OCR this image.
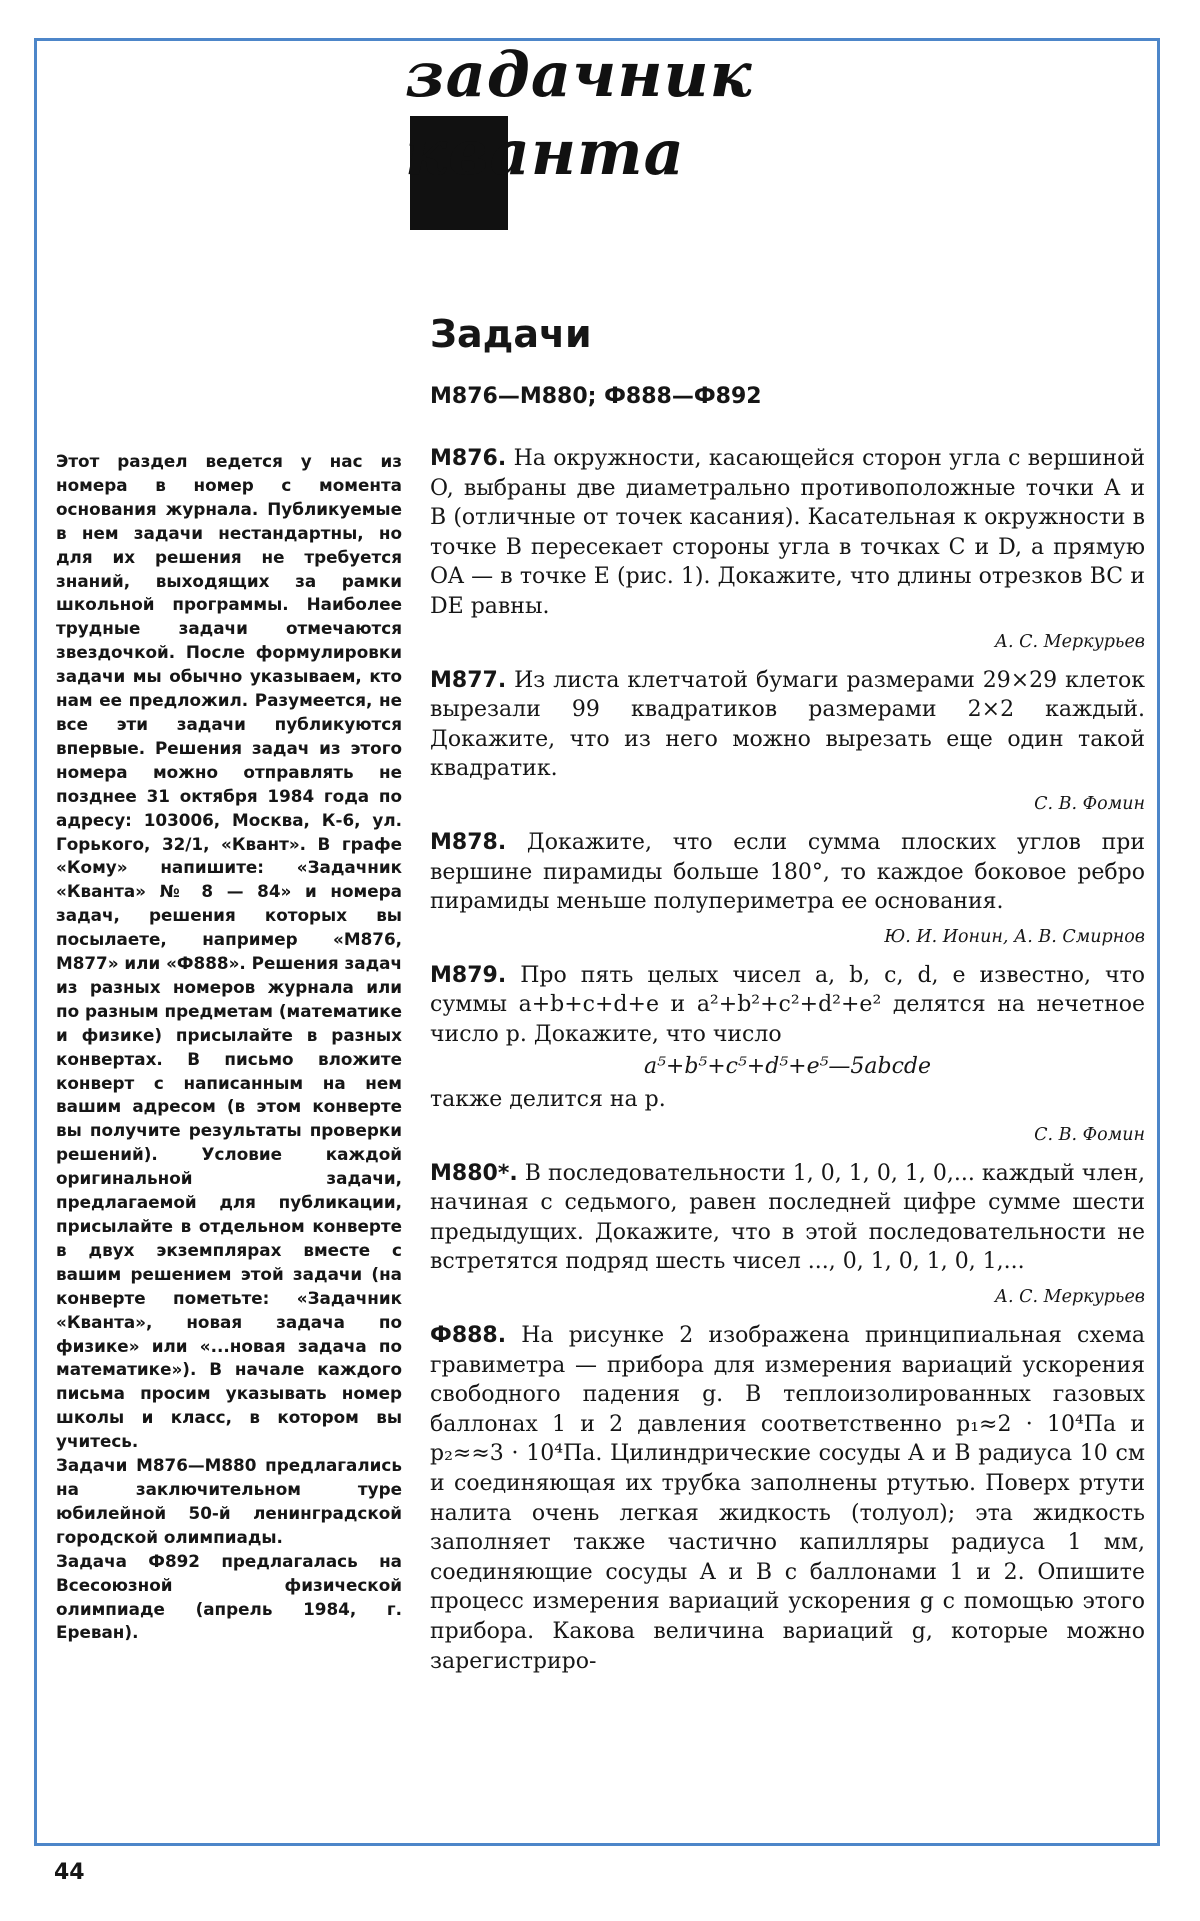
задачник
кванта
Задачи
М876—М880; Ф888—Ф892

Этот раздел ведется у нас из номера в номер с момента основания журнала. Публикуемые в нем задачи нестандартны, но для их решения не требуется знаний, выходящих за рамки школьной программы. Наиболее трудные задачи отмечаются звездочкой. После формулировки задачи мы обычно указываем, кто нам ее предложил. Разумеется, не все эти задачи публикуются впервые. Решения задач из этого номера можно отправлять не позднее 31 октября 1984 года по адресу: 103006, Москва, К-6, ул. Горького, 32/1, «Квант». В графе «Кому» напишите: «Задачник «Кванта» № 8 — 84» и номера задач, решения которых вы посылаете, например «М876, М877» или «Ф888». Решения задач из разных номеров журнала или по разным предметам (математике и физике) присылайте в разных конвертах. В письмо вложите конверт с написанным на нем вашим адресом (в этом конверте вы получите результаты проверки решений). Условие каждой оригинальной задачи, предлагаемой для публикации, присылайте в отдельном конверте в двух экземплярах вместе с вашим решением этой задачи (на конверте пометьте: «Задачник «Кванта», новая задача по физике» или «...новая задача по математике»). В начале каждого письма просим указывать номер школы и класс, в котором вы учитесь.

Задачи М876—М880 предлагались на заключительном туре юбилейной 50-й ленинградской городской олимпиады.

Задача Ф892 предлагалась на Всесоюзной физической олимпиаде (апрель 1984, г. Ереван).

М876. На окружности, касающейся сторон угла с вершиной O, выбраны две диаметрально противоположные точки A и B (отличные от точек касания). Касательная к окружности в точке B пересекает стороны угла в точках C и D, а прямую OA — в точке E (рис. 1). Докажите, что длины отрезков BC и DE равны.

А. С. Меркурьев

М877. Из листа клетчатой бумаги размерами 29×29 клеток вырезали 99 квадратиков размерами 2×2 каждый. Докажите, что из него можно вырезать еще один такой квадратик.

С. В. Фомин

М878. Докажите, что если сумма плоских углов при вершине пирамиды больше 180°, то каждое боковое ребро пирамиды меньше полупериметра ее основания.

Ю. И. Ионин, А. В. Смирнов

М879. Про пять целых чисел a, b, c, d, e известно, что суммы a+b+c+d+e и a²+b²+c²+d²+e² делятся на нечетное число p. Докажите, что число

a⁵+b⁵+c⁵+d⁵+e⁵—5abcde

также делится на p.

С. В. Фомин

М880*. В последовательности 1, 0, 1, 0, 1, 0,... каждый член, начиная с седьмого, равен последней цифре сумме шести предыдущих. Докажите, что в этой последовательности не встретятся подряд шесть чисел ..., 0, 1, 0, 1, 0, 1,...

А. С. Меркурьев

Ф888. На рисунке 2 изображена принципиальная схема гравиметра — прибора для измерения вариаций ускорения свободного падения g. В теплоизолированных газовых баллонах 1 и 2 давления соответственно p₁≈2 · 10⁴Па и p₂≈≈3 · 10⁴Па. Цилиндрические сосуды A и B радиуса 10 см и соединяющая их трубка заполнены ртутью. Поверх ртути налита очень легкая жидкость (толуол); эта жидкость заполняет также частично капилляры радиуса 1 мм, соединяющие сосуды A и B с баллонами 1 и 2. Опишите процесс измерения вариаций ускорения g с помощью этого прибора. Какова величина вариаций g, которые можно зарегистриро-

44
